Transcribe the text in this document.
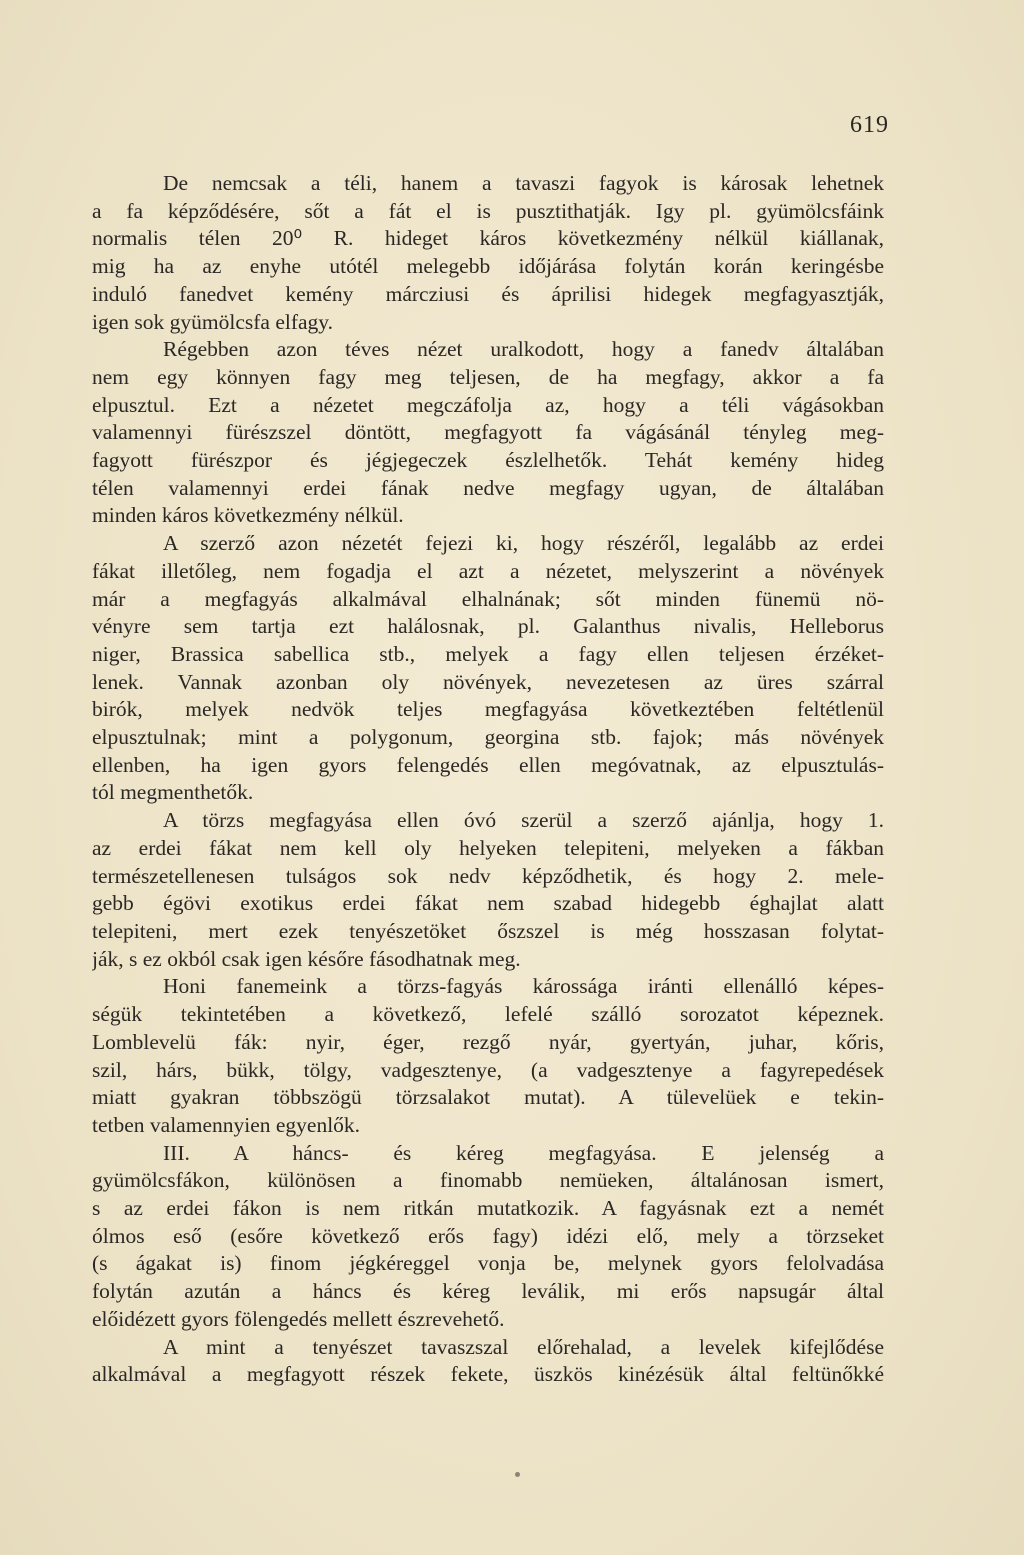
619
De nemcsak a téli, hanem a tavaszi fagyok is károsak lehetnek
a fa képződésére, sőt a fát el is pusztithatják. Igy pl. gyümölcsfáink
normalis télen 20⁰ R. hideget káros következmény nélkül kiállanak,
mig ha az enyhe utótél melegebb időjárása folytán korán keringésbe
induló fanedvet kemény márcziusi és áprilisi hidegek megfagyasztják,
igen sok gyümölcsfa elfagy.
Régebben azon téves nézet uralkodott, hogy a fanedv általában
nem egy könnyen fagy meg teljesen, de ha megfagy, akkor a fa
elpusztul. Ezt a nézetet megczáfolja az, hogy a téli vágásokban
valamennyi fürészszel döntött, megfagyott fa vágásánál tényleg meg-
fagyott fürészpor és jégjegeczek észlelhetők. Tehát kemény hideg
télen valamennyi erdei fának nedve megfagy ugyan, de általában
minden káros következmény nélkül.
A szerző azon nézetét fejezi ki, hogy részéről, legalább az erdei
fákat illetőleg, nem fogadja el azt a nézetet, melyszerint a növények
már a megfagyás alkalmával elhalnának; sőt minden fünemü nö-
vényre sem tartja ezt halálosnak, pl. Galanthus nivalis, Helleborus
niger, Brassica sabellica stb., melyek a fagy ellen teljesen érzéket-
lenek. Vannak azonban oly növények, nevezetesen az üres szárral
birók, melyek nedvök teljes megfagyása következtében feltétlenül
elpusztulnak; mint a polygonum, georgina stb. fajok; más növények
ellenben, ha igen gyors felengedés ellen megóvatnak, az elpusztulás-
tól megmenthetők.
A törzs megfagyása ellen óvó szerül a szerző ajánlja, hogy 1.
az erdei fákat nem kell oly helyeken telepiteni, melyeken a fákban
természetellenesen tulságos sok nedv képződhetik, és hogy 2. mele-
gebb égövi exotikus erdei fákat nem szabad hidegebb éghajlat alatt
telepiteni, mert ezek tenyészetöket őszszel is még hosszasan folytat-
ják, s ez okból csak igen későre fásodhatnak meg.
Honi fanemeink a törzs-fagyás károssága iránti ellenálló képes-
ségük tekintetében a következő, lefelé szálló sorozatot képeznek.
Lomblevelü fák: nyir, éger, rezgő nyár, gyertyán, juhar, kőris,
szil, hárs, bükk, tölgy, vadgesztenye, (a vadgesztenye a fagyrepedések
miatt gyakran többszögü törzsalakot mutat). A tülevelüek e tekin-
tetben valamennyien egyenlők.
III. A háncs- és kéreg megfagyása. E jelenség a
gyümölcsfákon, különösen a finomabb nemüeken, általánosan ismert,
s az erdei fákon is nem ritkán mutatkozik. A fagyásnak ezt a nemét
ólmos eső (esőre következő erős fagy) idézi elő, mely a törzseket
(s ágakat is) finom jégkéreggel vonja be, melynek gyors felolvadása
folytán azután a háncs és kéreg leválik, mi erős napsugár által
előidézett gyors fölengedés mellett észrevehető.
A mint a tenyészet tavaszszal előrehalad, a levelek kifejlődése
alkalmával a megfagyott részek fekete, üszkös kinézésük által feltünőkké
